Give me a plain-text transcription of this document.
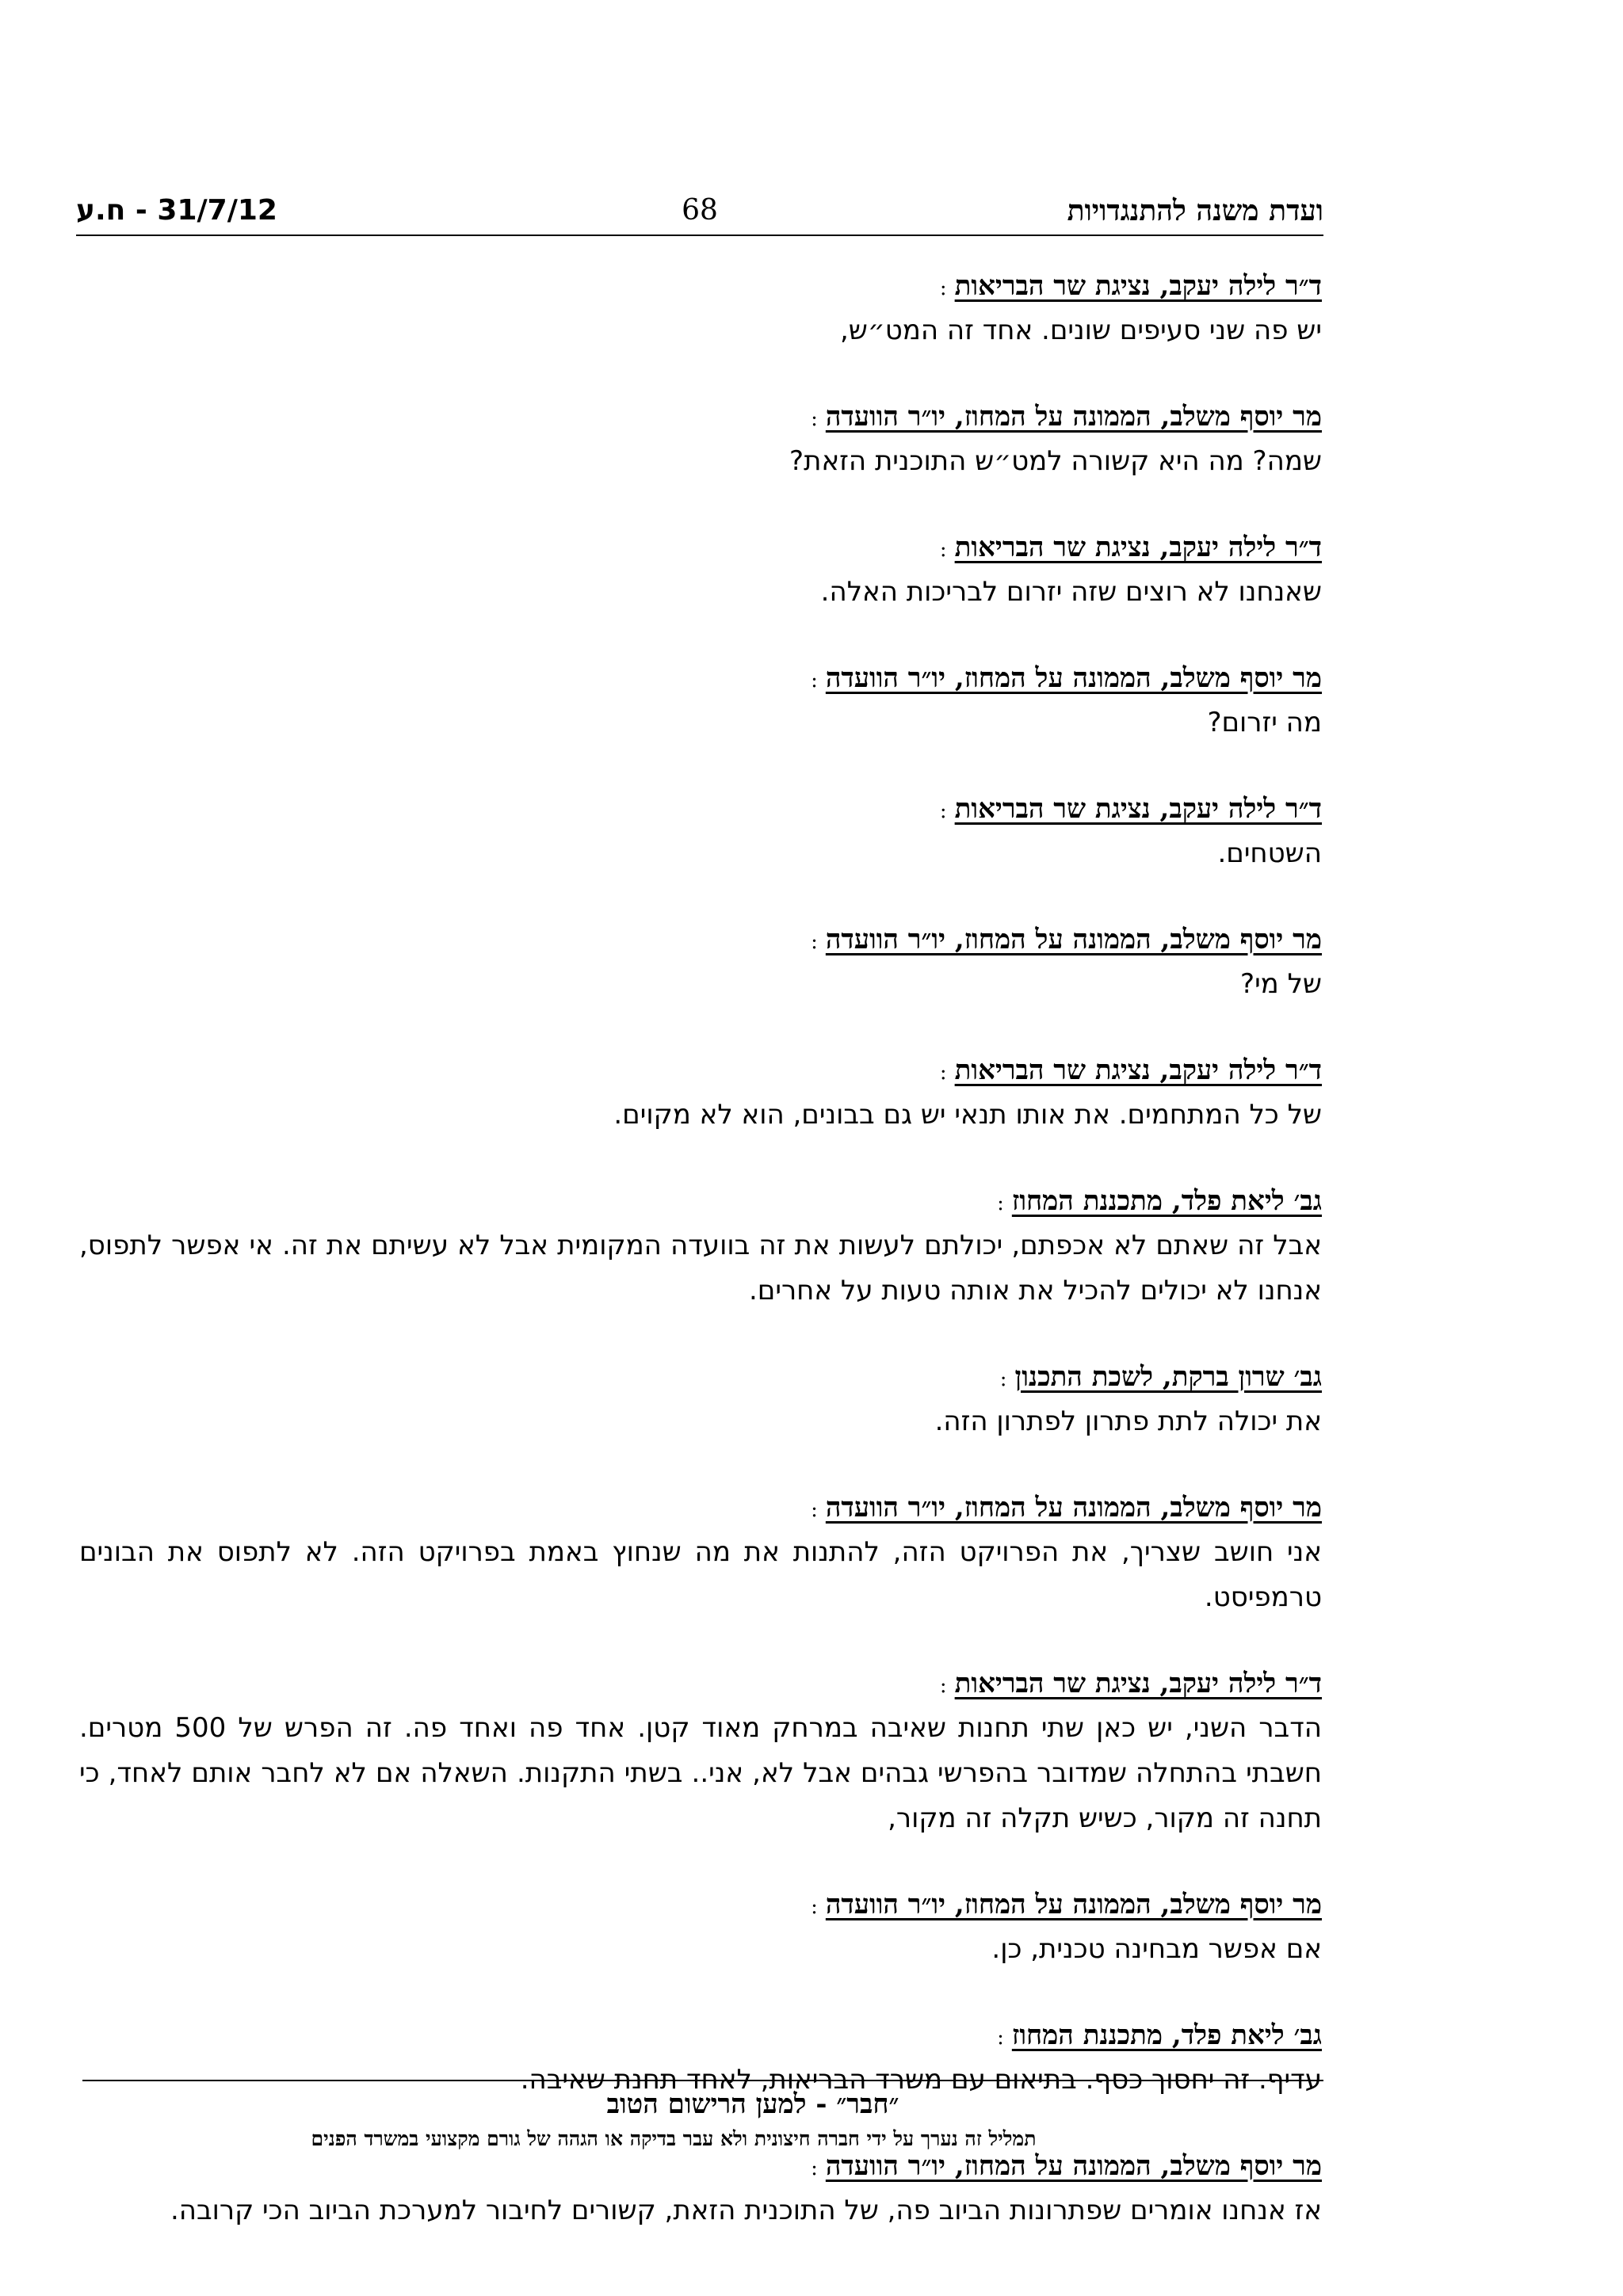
ועדת משנה להתנגדויות
68
31/7/12 - ח.ע
ד״ר לילה יעקב, נציגת שר הבריאות:
יש פה שני סעיפים שונים. אחד זה המט״ש,
מר יוסף משלב, הממונה על המחוז, יו״ר הוועדה:
שמה? מה היא קשורה למט״ש התוכנית הזאת?
ד״ר לילה יעקב, נציגת שר הבריאות:
שאנחנו לא רוצים שזה יזרום לבריכות האלה.
מר יוסף משלב, הממונה על המחוז, יו״ר הוועדה:
מה יזרום?
ד״ר לילה יעקב, נציגת שר הבריאות:
השטחים.
מר יוסף משלב, הממונה על המחוז, יו״ר הוועדה:
של מי?
ד״ר לילה יעקב, נציגת שר הבריאות:
של כל המתחמים. את אותו תנאי יש גם בבונים, הוא לא מקוים.
גב׳ ליאת פלד, מתכננת המחוז:
אבל זה שאתם לא אכפתם, יכולתם לעשות את זה בוועדה המקומית אבל לא עשיתם את זה. אי אפשר לתפוס, אנחנו לא יכולים להכיל את אותה טעות על אחרים.
גב׳ שרון ברקת, לשכת התכנון:
את יכולה לתת פתרון לפתרון הזה.
מר יוסף משלב, הממונה על המחוז, יו״ר הוועדה:
אני חושב שצריך, את הפרויקט הזה, להתנות את מה שנחוץ באמת בפרויקט הזה. לא לתפוס את הבונים טרמפיסט.
ד״ר לילה יעקב, נציגת שר הבריאות:
הדבר השני, יש כאן שתי תחנות שאיבה במרחק מאוד קטן. אחד פה ואחד פה. זה הפרש של 500 מטרים. חשבתי בהתחלה שמדובר בהפרשי גבהים אבל לא, אני.. בשתי התקנות. השאלה אם לא לחבר אותם לאחד, כי תחנה זה מקור, כשיש תקלה זה מקור,
מר יוסף משלב, הממונה על המחוז, יו״ר הוועדה:
אם אפשר מבחינה טכנית, כן.
גב׳ ליאת פלד, מתכננת המחוז:
עדיף. זה יחסוך כסף. בתיאום עם משרד הבריאות, לאחד תחנת שאיבה.
מר יוסף משלב, הממונה על המחוז, יו״ר הוועדה:
אז אנחנו אומרים שפתרונות הביוב פה, של התוכנית הזאת, קשורים לחיבור למערכת הביוב הכי קרובה.
״חבר״ - למען הרישום הטוב
תמליל זה נערך על ידי חברה חיצונית ולא עבר בדיקה או הגהה של גורם מקצועי במשרד הפנים
